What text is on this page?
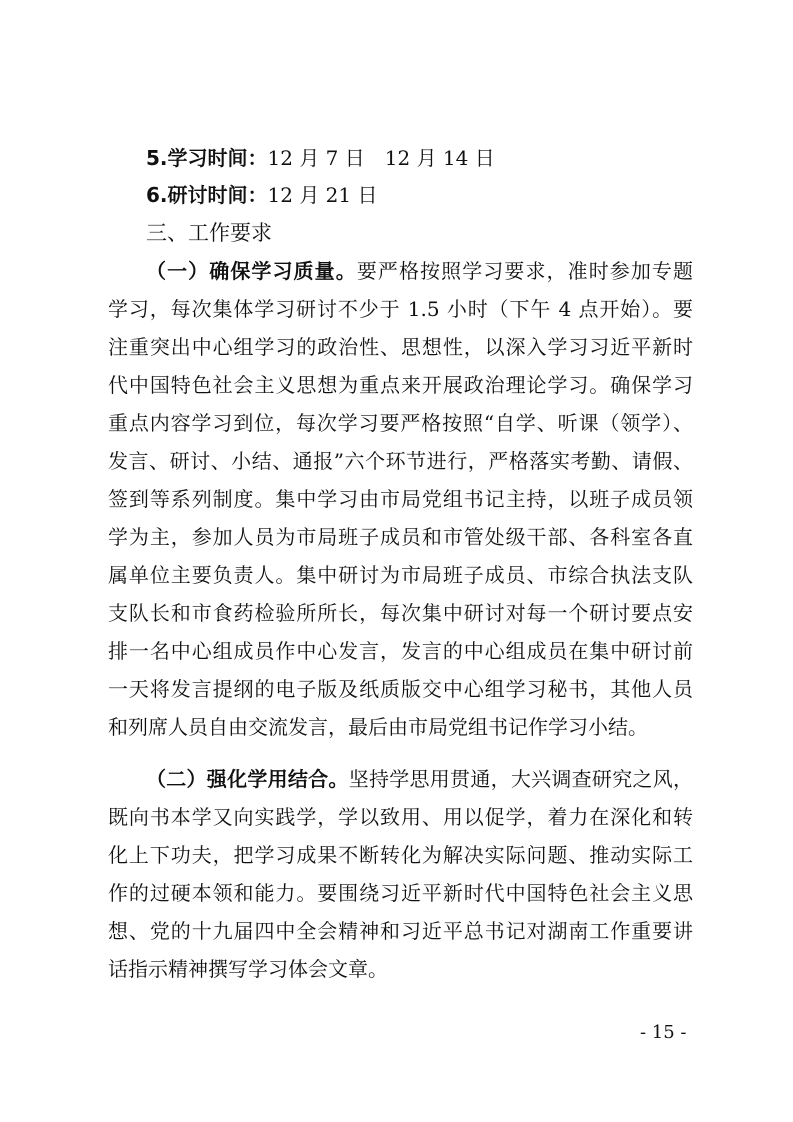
5.学习时间：12 月 7 日　12 月 14 日
6.研讨时间：12 月 21 日
三、工作要求
（一）确保学习质量。要严格按照学习要求，准时参加专题
学习，每次集体学习研讨不少于 1.5 小时（下午 4 点开始）。要
注重突出中心组学习的政治性、思想性，以深入学习习近平新时
代中国特色社会主义思想为重点来开展政治理论学习。确保学习
重点内容学习到位，每次学习要严格按照“自学、听课（领学）、
发言、研讨、小结、通报”六个环节进行，严格落实考勤、请假、
签到等系列制度。集中学习由市局党组书记主持，以班子成员领
学为主，参加人员为市局班子成员和市管处级干部、各科室各直
属单位主要负责人。集中研讨为市局班子成员、市综合执法支队
支队长和市食药检验所所长，每次集中研讨对每一个研讨要点安
排一名中心组成员作中心发言，发言的中心组成员在集中研讨前
一天将发言提纲的电子版及纸质版交中心组学习秘书，其他人员
和列席人员自由交流发言，最后由市局党组书记作学习小结。
（二）强化学用结合。坚持学思用贯通，大兴调查研究之风，
既向书本学又向实践学，学以致用、用以促学，着力在深化和转
化上下功夫，把学习成果不断转化为解决实际问题、推动实际工
作的过硬本领和能力。要围绕习近平新时代中国特色社会主义思
想、党的十九届四中全会精神和习近平总书记对湖南工作重要讲
话指示精神撰写学习体会文章。
- 15 -
